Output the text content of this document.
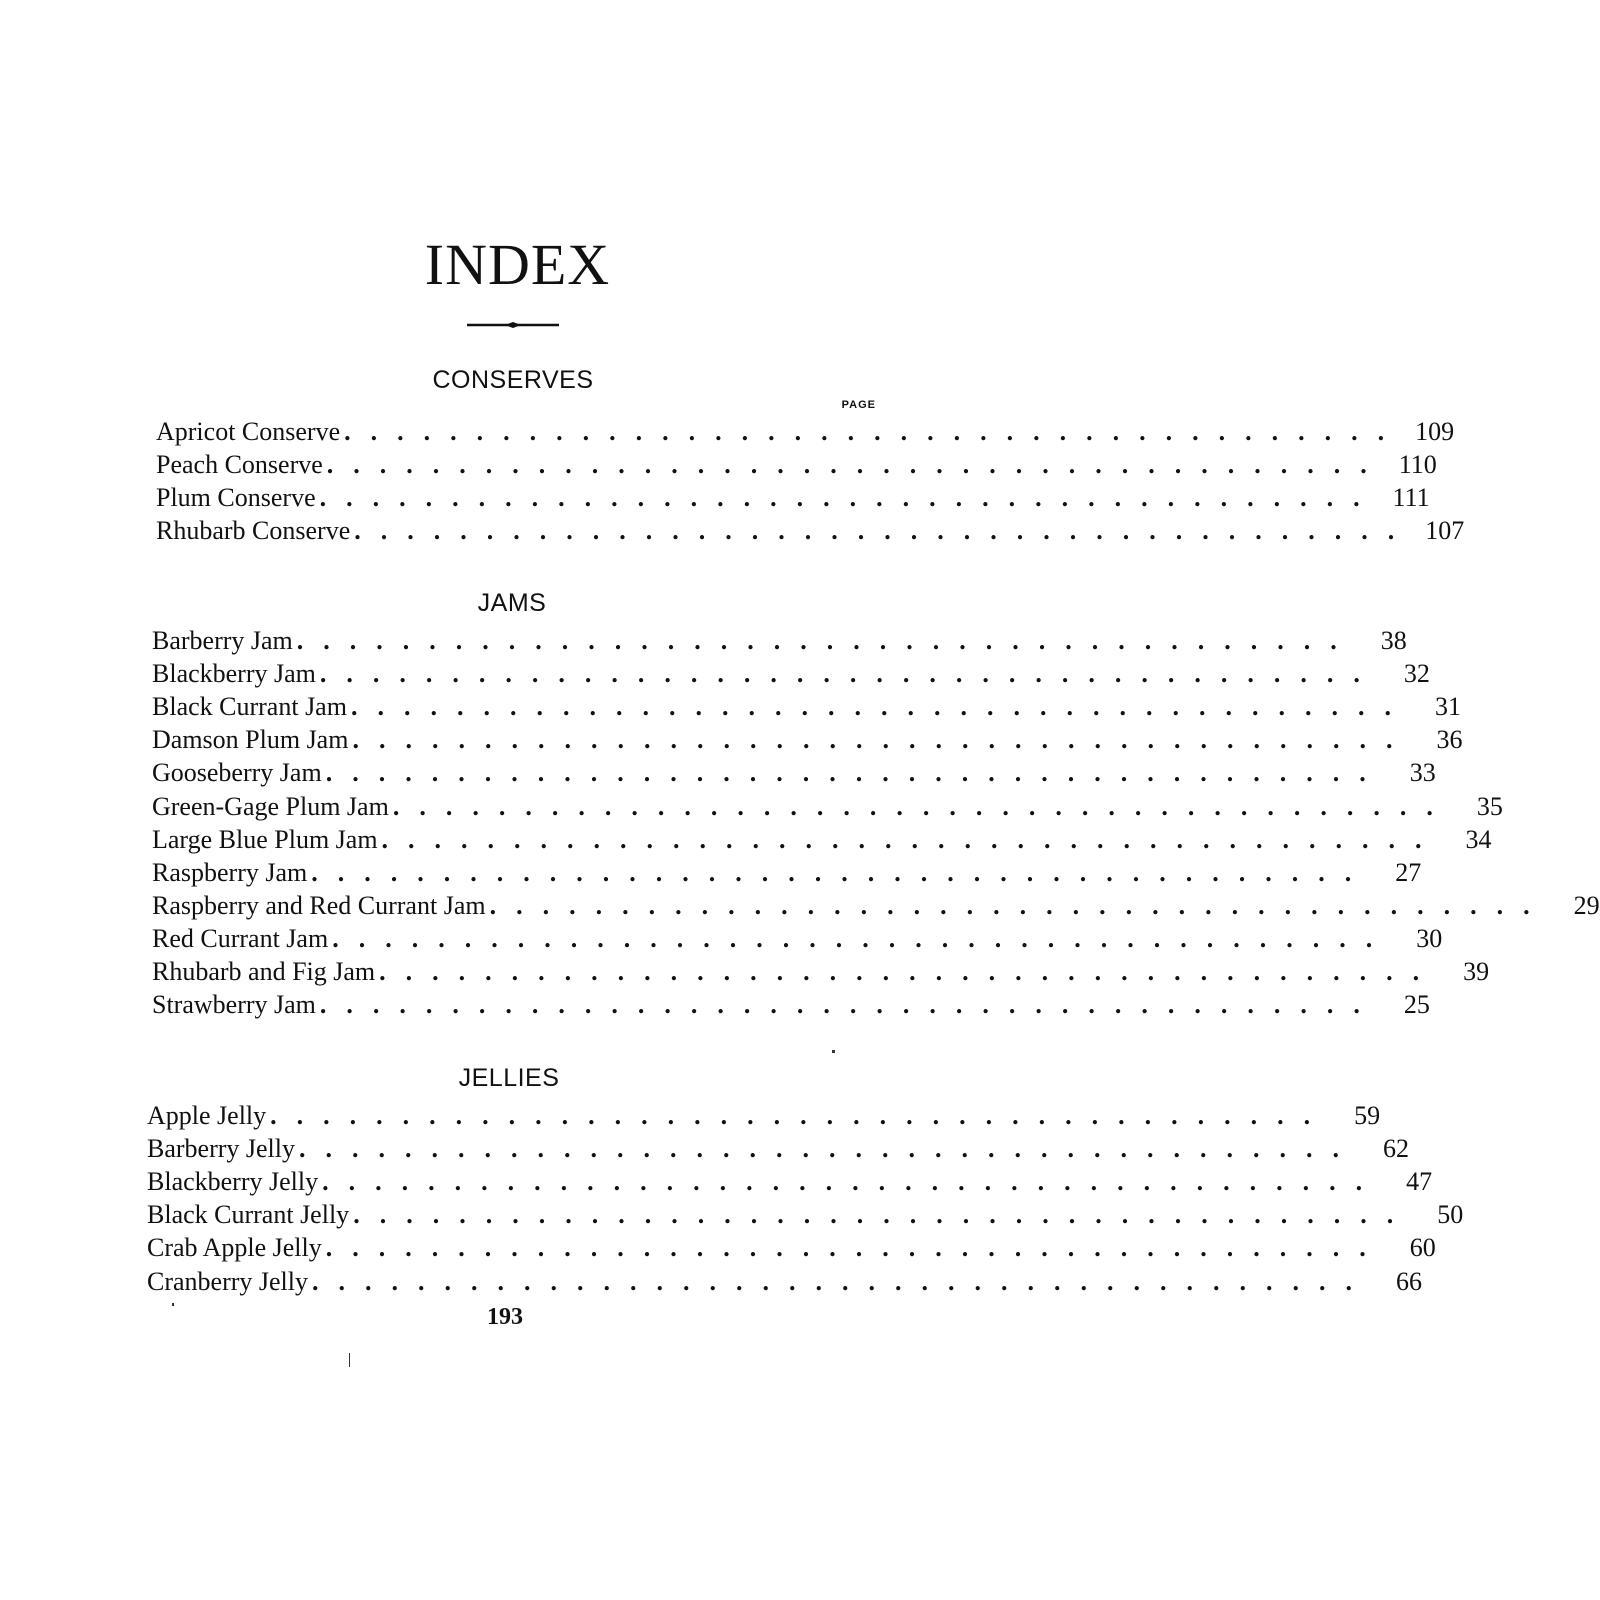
INDEX
PAGE
CONSERVES
Apricot Conserve ........................................ 109
Peach Conserve ........................................ 110
Plum Conserve ........................................ 111
Rhubarb Conserve ........................................ 107
JAMS
Barberry Jam ........................................ 38
Blackberry Jam ........................................ 32
Black Currant Jam ........................................ 31
Damson Plum Jam ........................................ 36
Gooseberry Jam ........................................ 33
Green-Gage Plum Jam ........................................ 35
Large Blue Plum Jam ........................................ 34
Raspberry Jam ........................................ 27
Raspberry and Red Currant Jam ........................................ 29
Red Currant Jam ........................................ 30
Rhubarb and Fig Jam ........................................ 39
Strawberry Jam ........................................ 25
JELLIES
Apple Jelly ........................................ 59
Barberry Jelly ........................................ 62
Blackberry Jelly ........................................ 47
Black Currant Jelly ........................................ 50
Crab Apple Jelly ........................................ 60
Cranberry Jelly ........................................ 66
193
